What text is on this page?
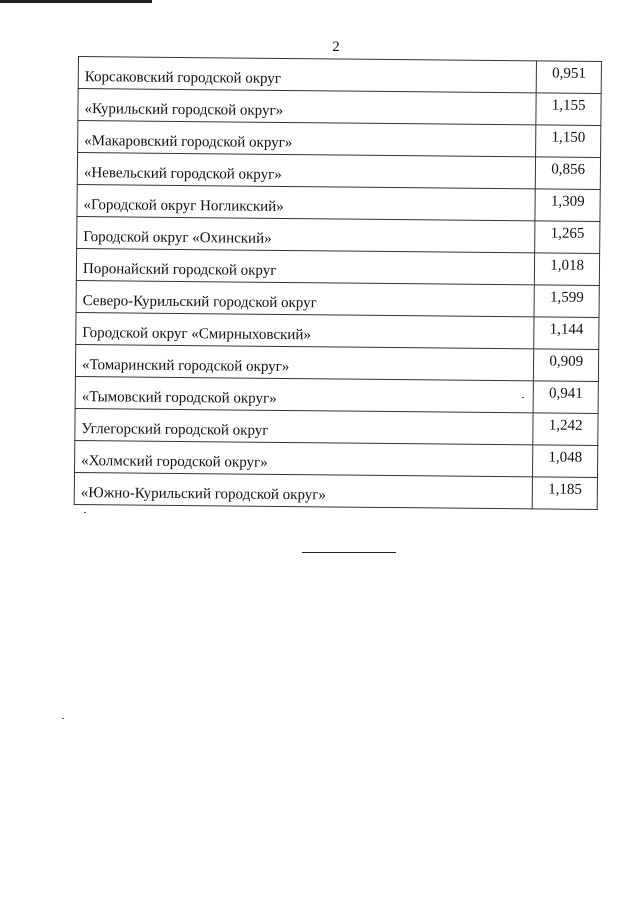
2
Корсаковский городской округ	0,951
«Курильский городской округ»	1,155
«Макаровский городской округ»	1,150
«Невельский городской округ»	0,856
«Городской округ Ногликский»	1,309
Городской округ «Охинский»	1,265
Поронайский городской округ	1,018
Северо-Курильский городской округ	1,599
Городской округ «Смирныховский»	1,144
«Томаринский городской округ»	0,909
«Тымовский городской округ»	0,941
Углегорский городской округ	1,242
«Холмский городской округ»	1,048
«Южно-Курильский городской округ»	1,185
